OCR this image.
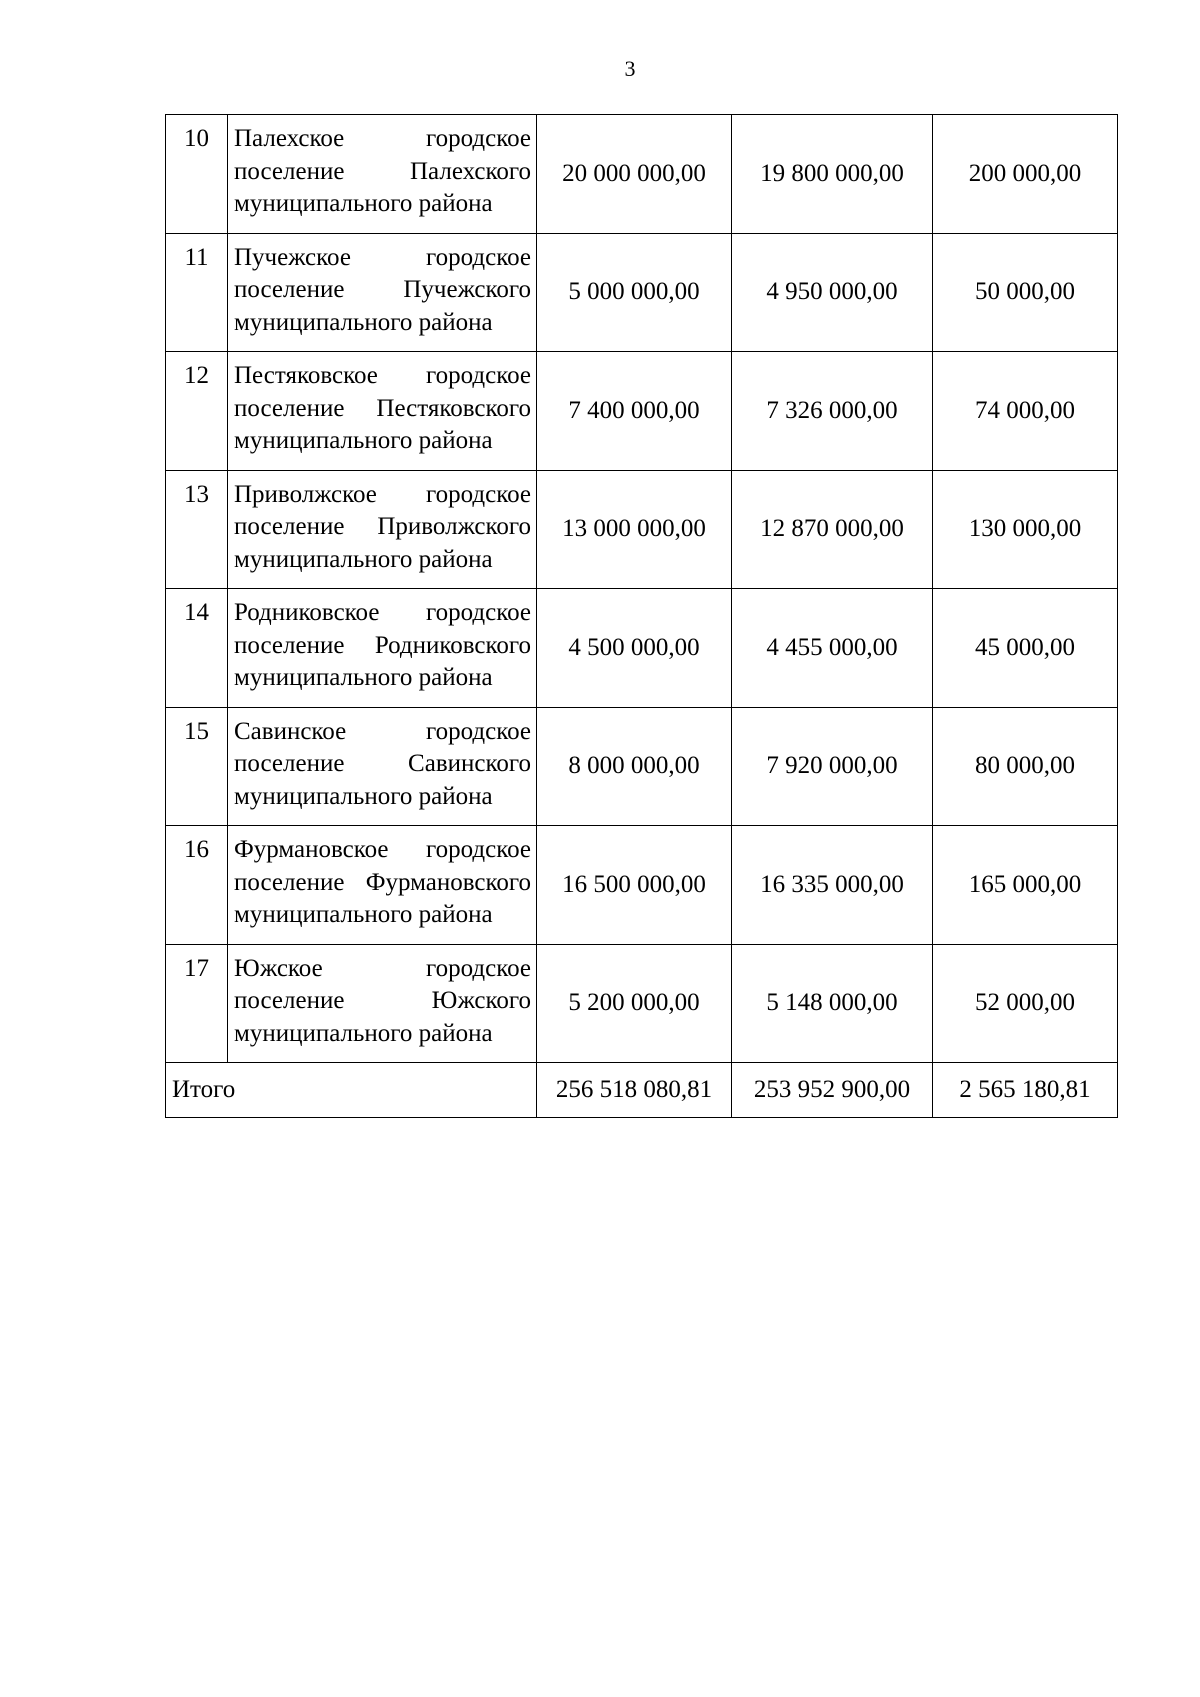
3
10	Палехское городское поселение Палехского муниципального района	20 000 000,00	19 800 000,00	200 000,00
11	Пучежское городское поселение Пучежского муниципального района	5 000 000,00	4 950 000,00	50 000,00
12	Пестяковское городское поселение Пестяковского муниципального района	7 400 000,00	7 326 000,00	74 000,00
13	Приволжское городское поселение Приволжского муниципального района	13 000 000,00	12 870 000,00	130 000,00
14	Родниковское городское поселение Родниковского муниципального района	4 500 000,00	4 455 000,00	45 000,00
15	Савинское городское поселение Савинского муниципального района	8 000 000,00	7 920 000,00	80 000,00
16	Фурмановское городское поселение Фурмановского муниципального района	16 500 000,00	16 335 000,00	165 000,00
17	Южское городское поселение Южского муниципального района	5 200 000,00	5 148 000,00	52 000,00
Итого		256 518 080,81	253 952 900,00	2 565 180,81
